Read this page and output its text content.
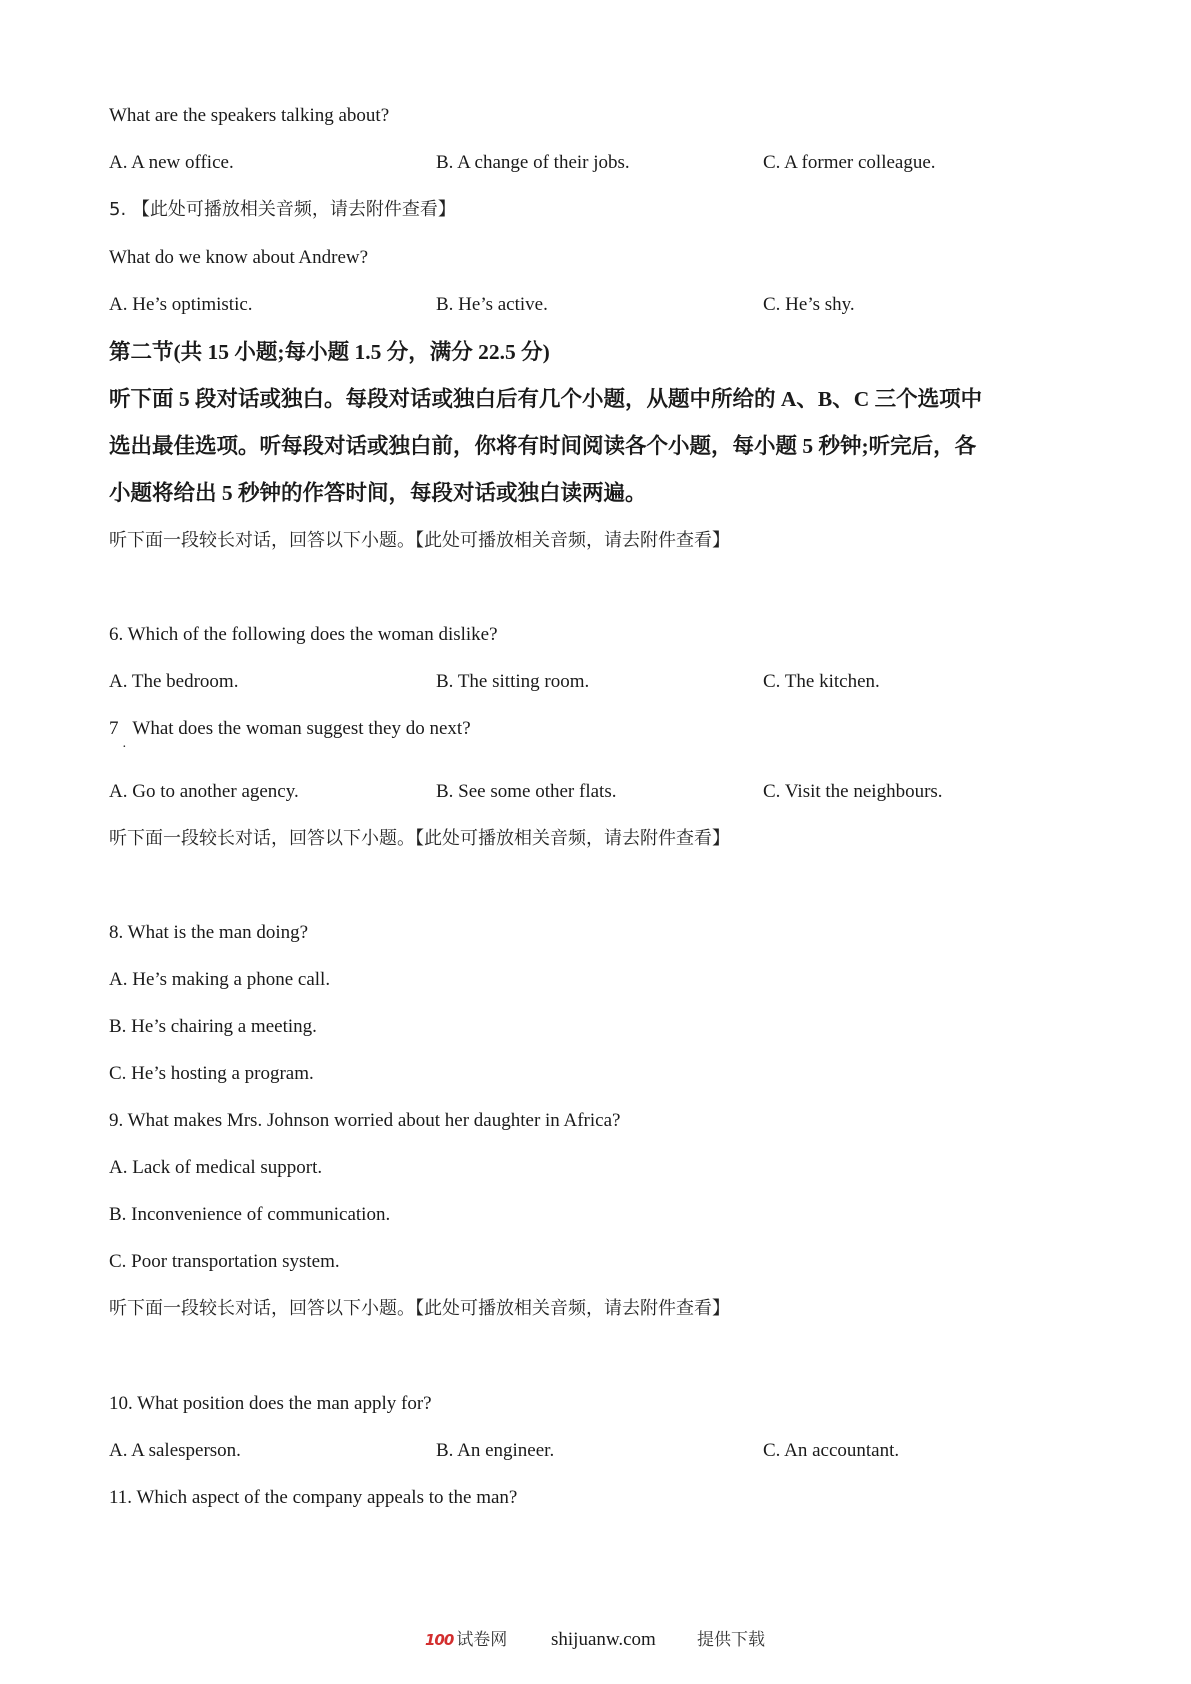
What are the speakers talking about?
A. A new office.	B. A change of their jobs.	C. A former colleague.
5. 【此处可播放相关音频，请去附件查看】
What do we know about Andrew?
A. He’s optimistic.	B. He’s active.	C. He’s shy.
第二节(共 15 小题;每小题 1.5 分，满分 22.5 分)
听下面 5 段对话或独白。每段对话或独白后有几个小题，从题中所给的 A、B、C 三个选项中
选出最佳选项。听每段对话或独白前，你将有时间阅读各个小题，每小题 5 秒钟;听完后，各
小题将给出 5 秒钟的作答时间，每段对话或独白读两遍。
听下面一段较长对话，回答以下小题。【此处可播放相关音频，请去附件查看】
6. Which of the following does the woman dislike?
A. The bedroom.	B. The sitting room.	C. The kitchen.
7   What does the woman suggest they do next?
·
A. Go to another agency.	B. See some other flats.	C. Visit the neighbours.
听下面一段较长对话，回答以下小题。【此处可播放相关音频，请去附件查看】
8. What is the man doing?
A. He’s making a phone call.
B. He’s chairing a meeting.
C. He’s hosting a program.
9. What makes Mrs. Johnson worried about her daughter in Africa?
A. Lack of medical support.
B. Inconvenience of communication.
C. Poor transportation system.
听下面一段较长对话，回答以下小题。【此处可播放相关音频，请去附件查看】
10. What position does the man apply for?
A. A salesperson.	B. An engineer.	C. An accountant.
11. Which aspect of the company appeals to the man?
100 试卷网 shijuanw.com 提供下载
